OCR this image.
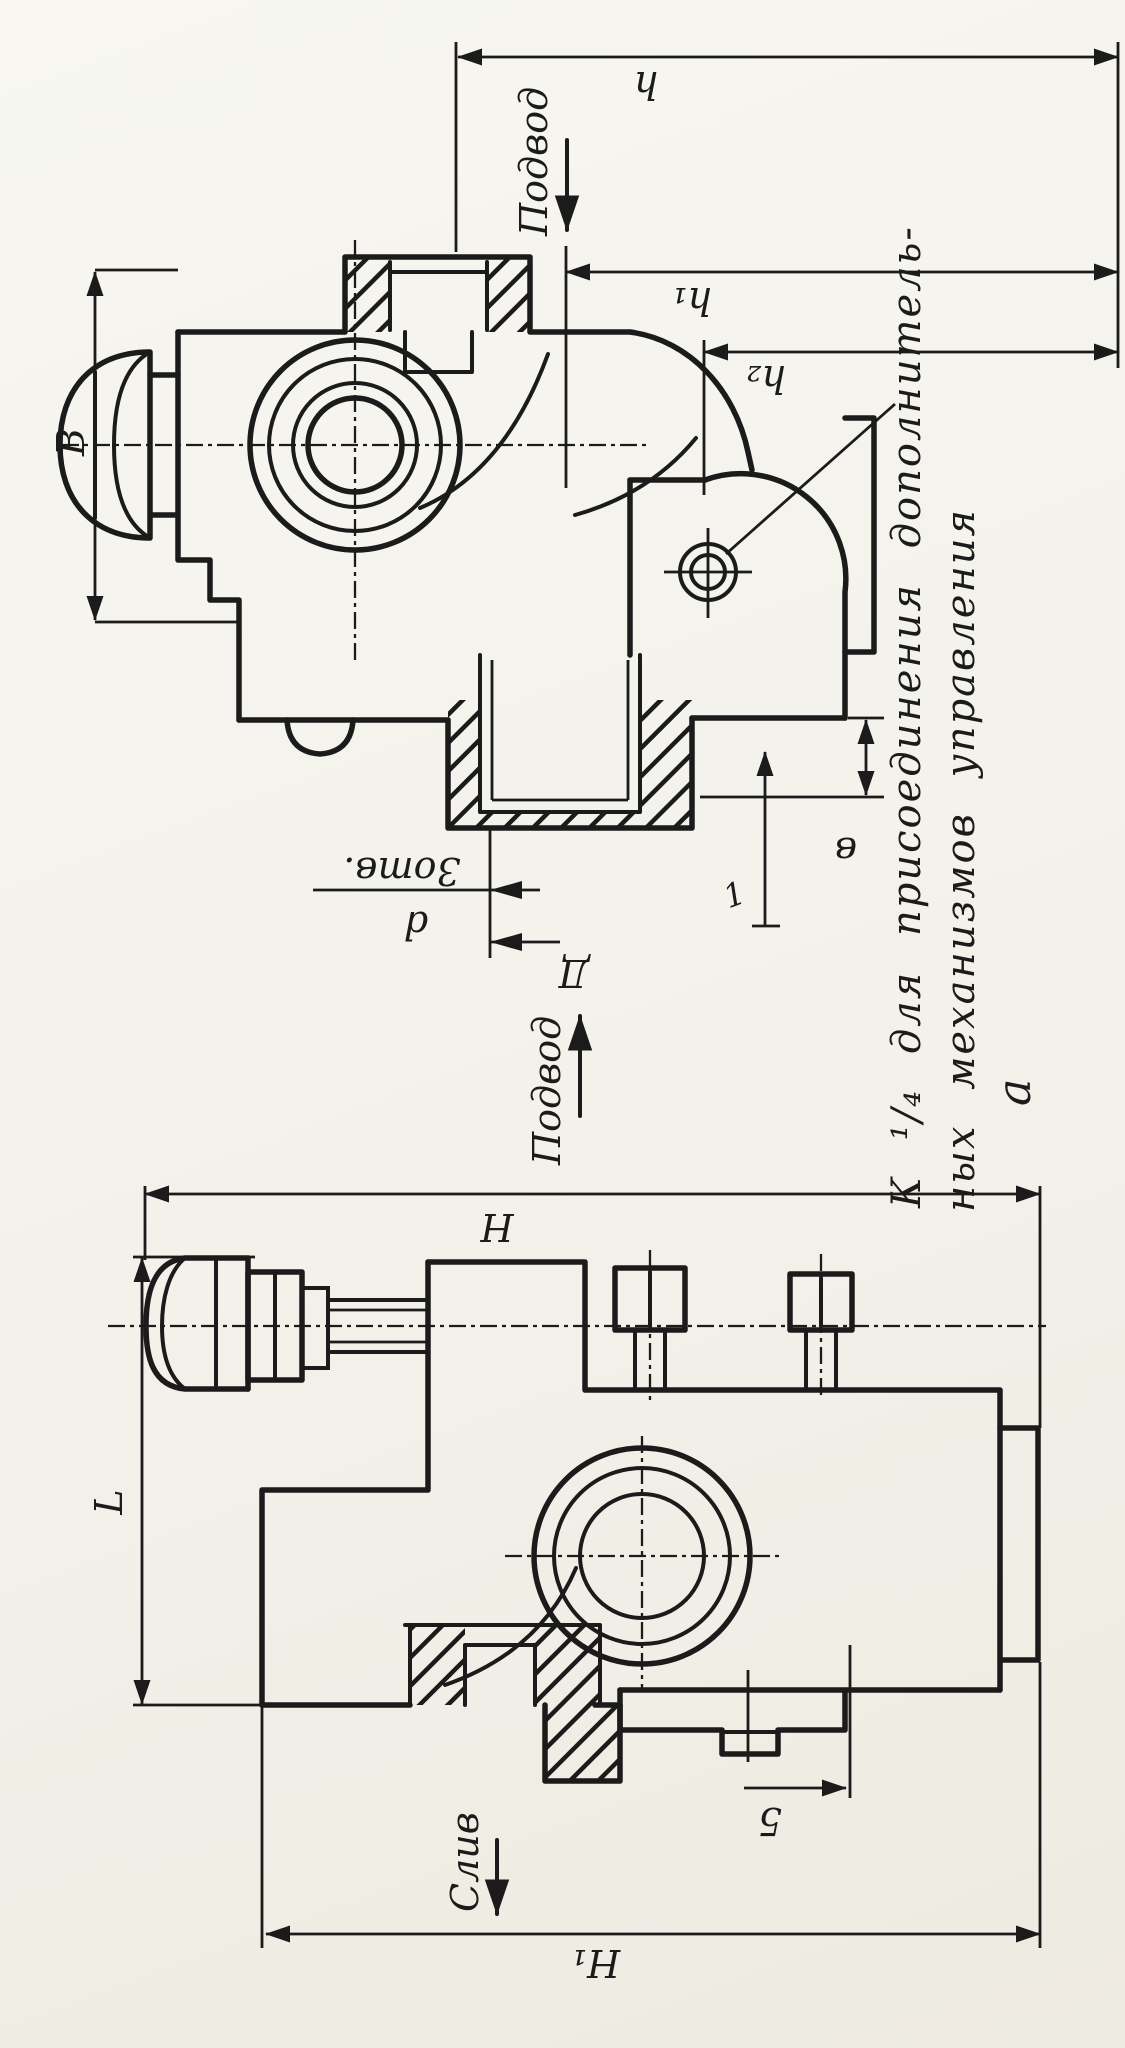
h
h₁
h₂
B
в
1
3отв.
d
Д
Подвод
Подвод	К ¹/₄ для присоединения дополнитель- ных механизмов управления а
H
L
Н₁
5
Слив
